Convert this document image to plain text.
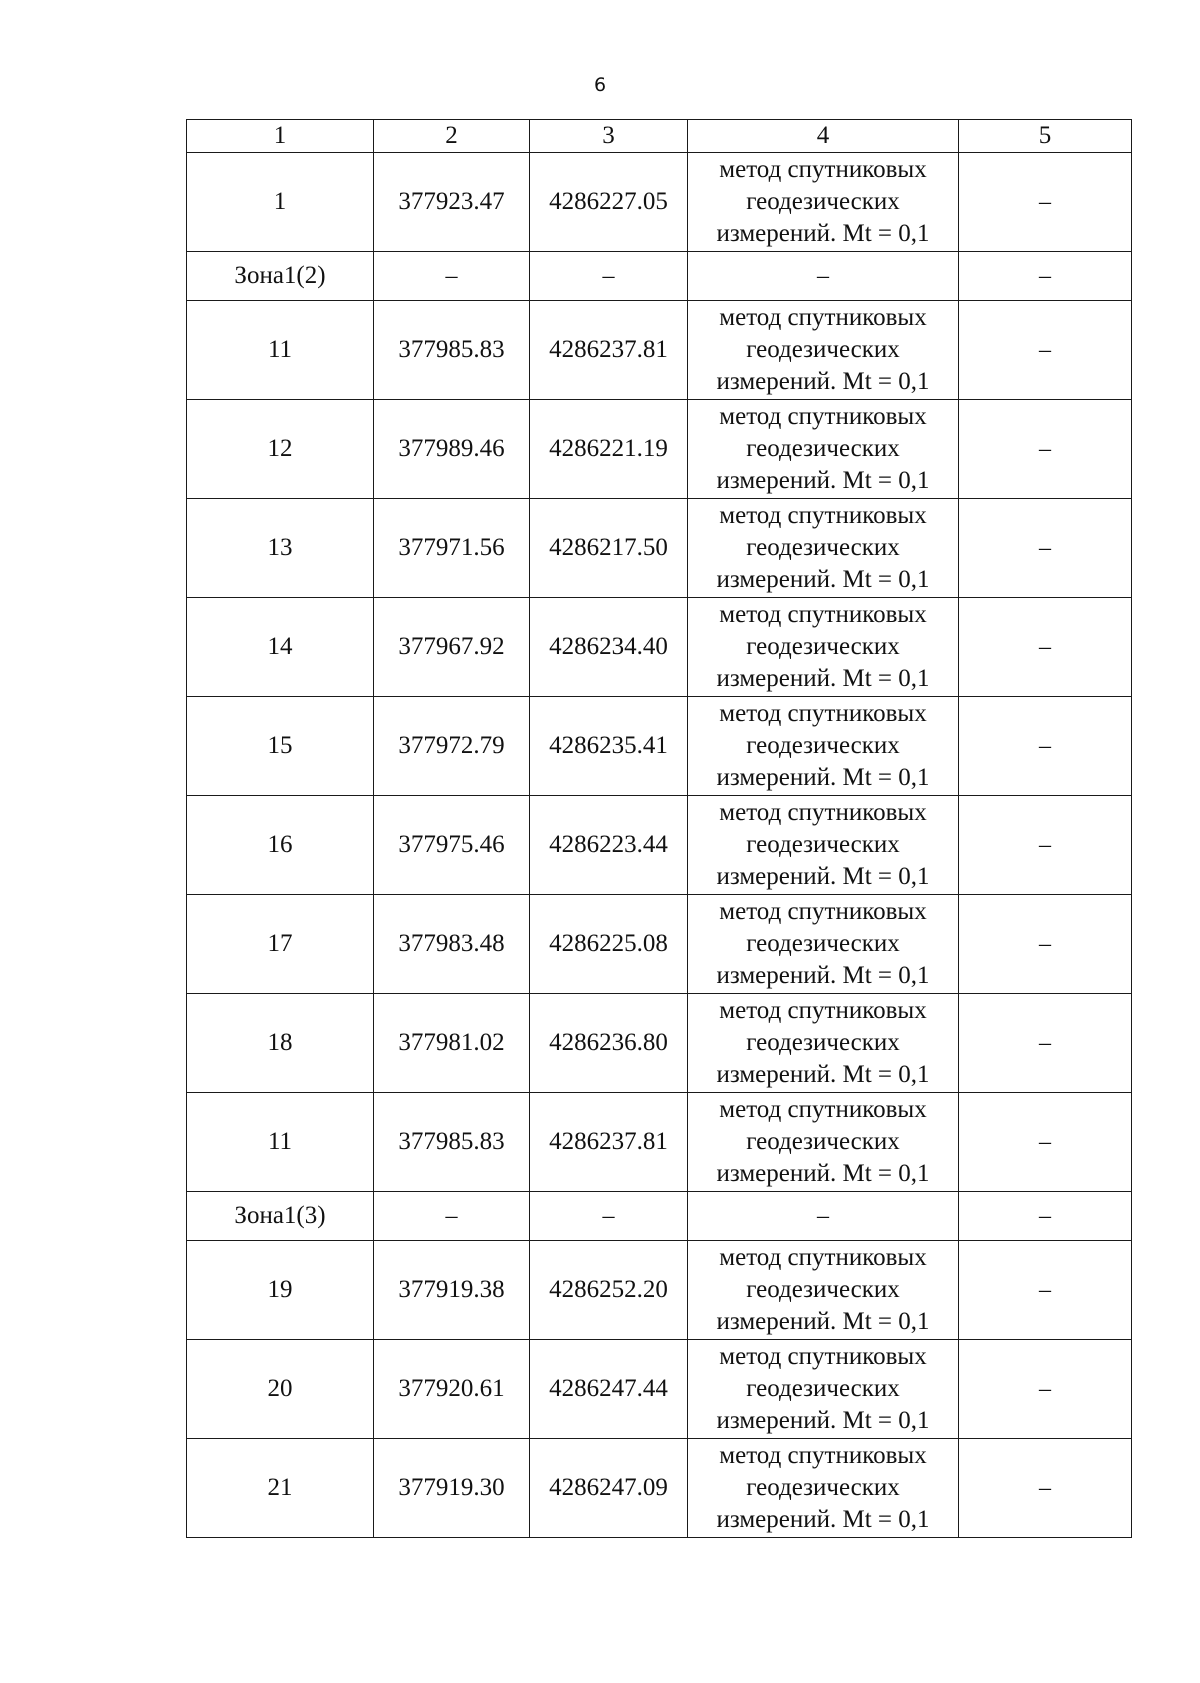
6
1	2	3	4	5
1	377923.47	4286227.05	метод спутниковых
геодезических
измерений. Mt = 0,1	–
Зона1(2)	–	–	–	–
11	377985.83	4286237.81	метод спутниковых
геодезических
измерений. Mt = 0,1	–
12	377989.46	4286221.19	метод спутниковых
геодезических
измерений. Mt = 0,1	–
13	377971.56	4286217.50	метод спутниковых
геодезических
измерений. Mt = 0,1	–
14	377967.92	4286234.40	метод спутниковых
геодезических
измерений. Mt = 0,1	–
15	377972.79	4286235.41	метод спутниковых
геодезических
измерений. Mt = 0,1	–
16	377975.46	4286223.44	метод спутниковых
геодезических
измерений. Mt = 0,1	–
17	377983.48	4286225.08	метод спутниковых
геодезических
измерений. Mt = 0,1	–
18	377981.02	4286236.80	метод спутниковых
геодезических
измерений. Mt = 0,1	–
11	377985.83	4286237.81	метод спутниковых
геодезических
измерений. Mt = 0,1	–
Зона1(3)	–	–	–	–
19	377919.38	4286252.20	метод спутниковых
геодезических
измерений. Mt = 0,1	–
20	377920.61	4286247.44	метод спутниковых
геодезических
измерений. Mt = 0,1	–
21	377919.30	4286247.09	метод спутниковых
геодезических
измерений. Mt = 0,1	–
